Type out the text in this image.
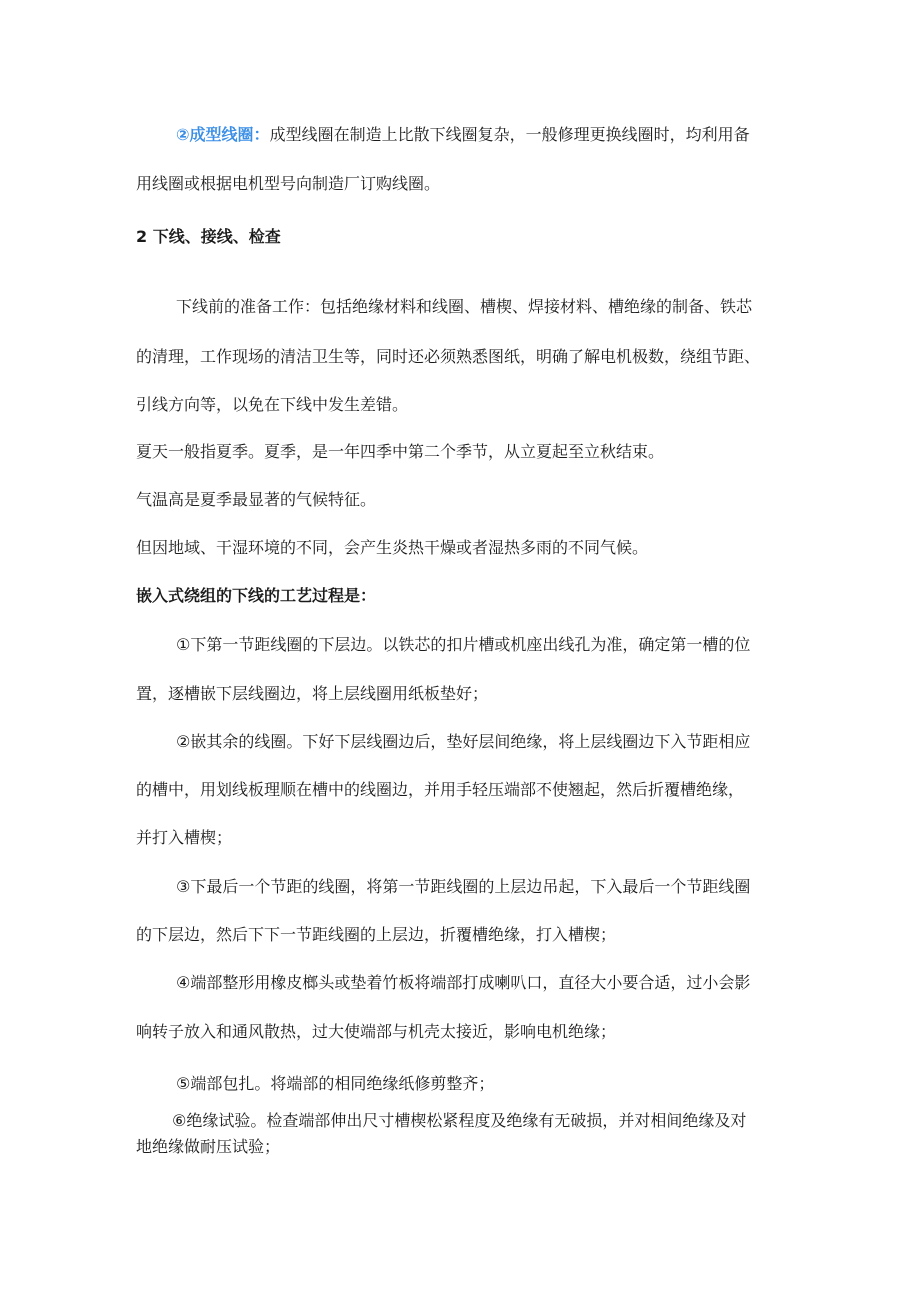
②成型线圈：成型线圈在制造上比散下线圈复杂，一般修理更换线圈时，均利用备
用线圈或根据电机型号向制造厂订购线圈。
2 下线、接线、检查
下线前的准备工作：包括绝缘材料和线圈、槽楔、焊接材料、槽绝缘的制备、铁芯
的清理，工作现场的清洁卫生等，同时还必须熟悉图纸，明确了解电机极数，绕组节距、
引线方向等，以免在下线中发生差错。
夏天一般指夏季。夏季，是一年四季中第二个季节，从立夏起至立秋结束。
气温高是夏季最显著的气候特征。
但因地域、干湿环境的不同，会产生炎热干燥或者湿热多雨的不同气候。
嵌入式绕组的下线的工艺过程是：
①下第一节距线圈的下层边。以铁芯的扣片槽或机座出线孔为准，确定第一槽的位
置，逐槽嵌下层线圈边，将上层线圈用纸板垫好；
②嵌其余的线圈。下好下层线圈边后，垫好层间绝缘，将上层线圈边下入节距相应
的槽中，用划线板理顺在槽中的线圈边，并用手轻压端部不使翘起，然后折覆槽绝缘，
并打入槽楔；
③下最后一个节距的线圈，将第一节距线圈的上层边吊起，下入最后一个节距线圈
的下层边，然后下下一节距线圈的上层边，折覆槽绝缘，打入槽楔；
④端部整形用橡皮榔头或垫着竹板将端部打成喇叭口，直径大小要合适，过小会影
响转子放入和通风散热，过大使端部与机壳太接近，影响电机绝缘；
⑤端部包扎。将端部的相同绝缘纸修剪整齐；
⑥绝缘试验。检查端部伸出尺寸槽楔松紧程度及绝缘有无破损，并对相间绝缘及对
地绝缘做耐压试验；
